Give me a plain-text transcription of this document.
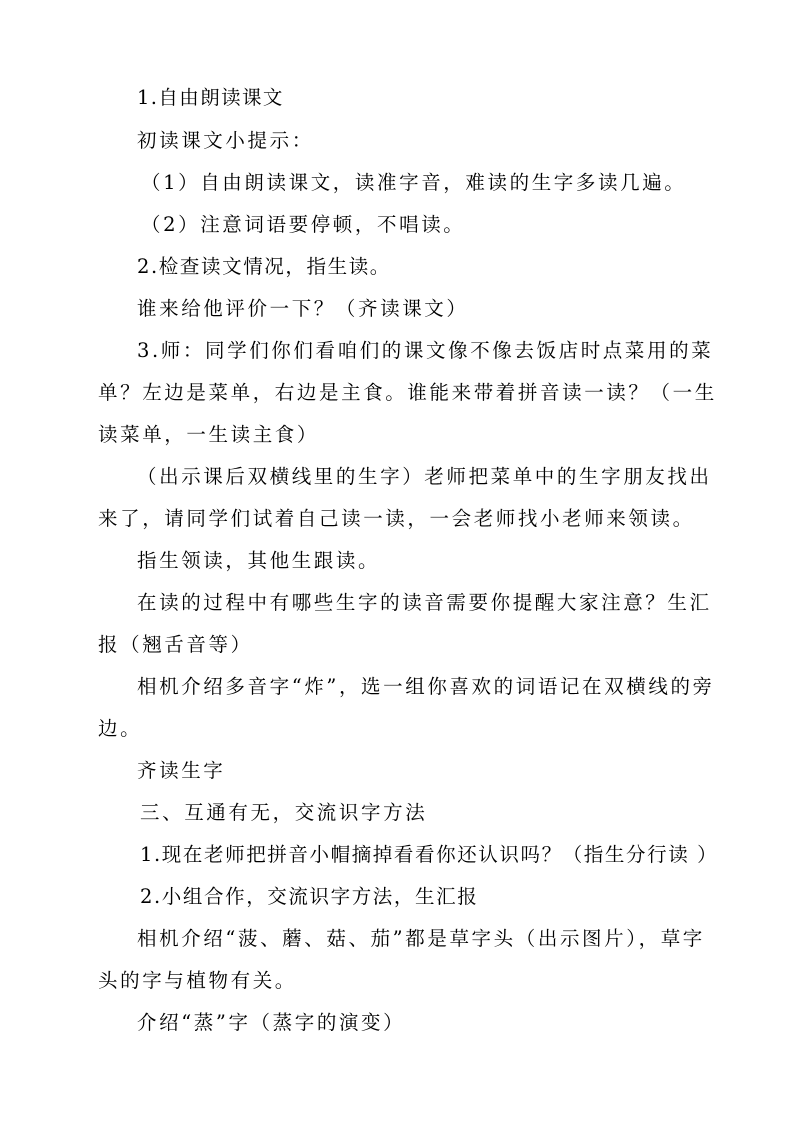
1.自由朗读课文

初读课文小提示：

（1）自由朗读课文，读准字音，难读的生字多读几遍。

（2）注意词语要停顿，不唱读。

2.检查读文情况，指生读。

谁来给他评价一下？（齐读课文）

3.师：同学们你们看咱们的课文像不像去饭店时点菜用的菜

单？左边是菜单，右边是主食。谁能来带着拼音读一读？（一生

读菜单，一生读主食）

（出示课后双横线里的生字）老师把菜单中的生字朋友找出

来了，请同学们试着自己读一读，一会老师找小老师来领读。

指生领读，其他生跟读。

在读的过程中有哪些生字的读音需要你提醒大家注意？生汇

报（翘舌音等）

相机介绍多音字“炸”，选一组你喜欢的词语记在双横线的旁

边。

齐读生字

三、互通有无，交流识字方法

1.现在老师把拼音小帽摘掉看看你还认识吗？（指生分行读 ）

2.小组合作，交流识字方法，生汇报

相机介绍“菠、蘑、菇、茄”都是草字头（出示图片），草字

头的字与植物有关。

介绍“蒸”字（蒸字的演变）
